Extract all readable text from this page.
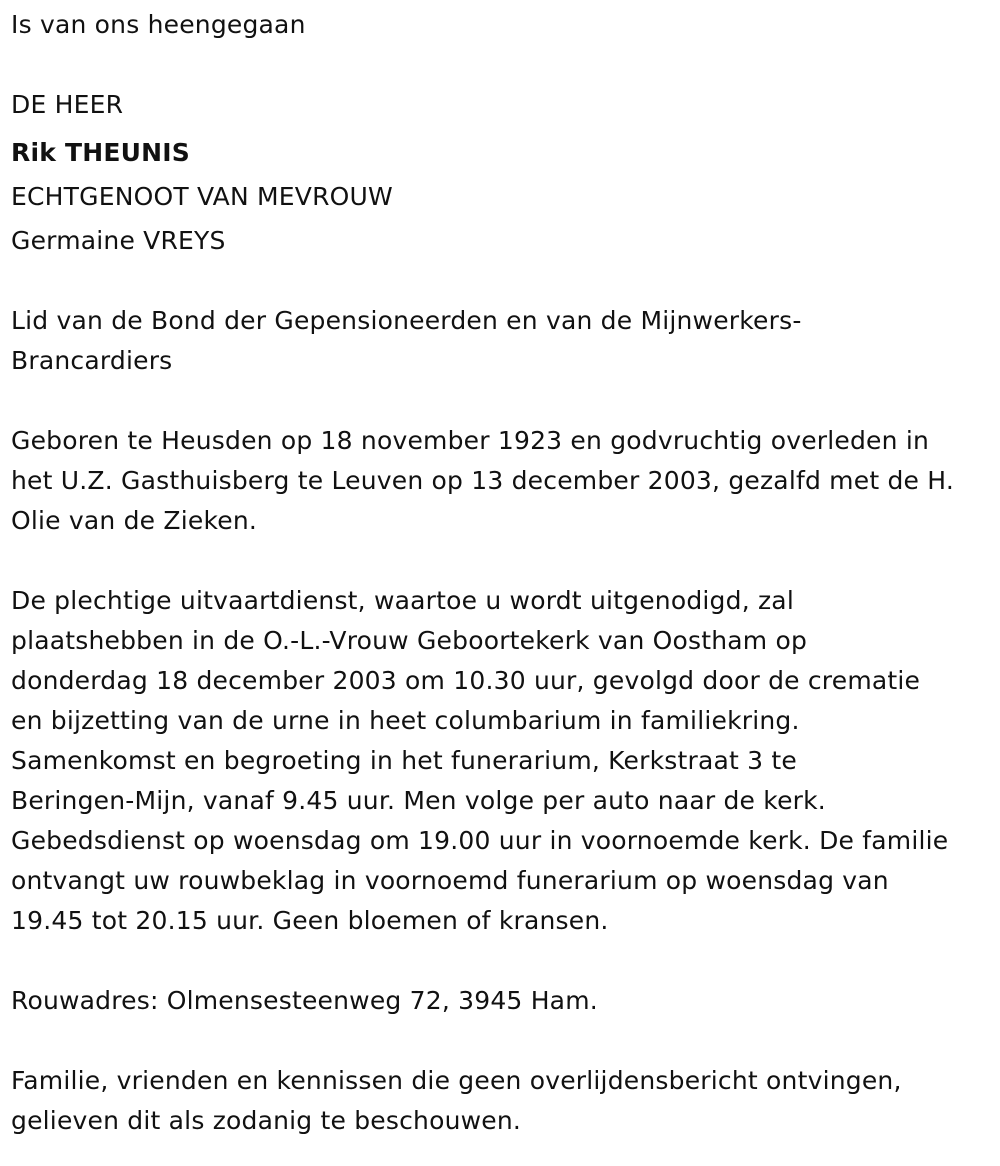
Is van ons heengegaan
DE HEER
Rik THEUNIS
ECHTGENOOT VAN MEVROUW
Germaine VREYS
Lid van de Bond der Gepensioneerden en van de Mijnwerkers-
Brancardiers
Geboren te Heusden op 18 november 1923 en godvruchtig overleden in
het U.Z. Gasthuisberg te Leuven op 13 december 2003, gezalfd met de H.
Olie van de Zieken.
De plechtige uitvaartdienst, waartoe u wordt uitgenodigd, zal
plaatshebben in de O.-L.-Vrouw Geboortekerk van Oostham op
donderdag 18 december 2003 om 10.30 uur, gevolgd door de crematie
en bijzetting van de urne in heet columbarium in familiekring.
Samenkomst en begroeting in het funerarium, Kerkstraat 3 te
Beringen-Mijn, vanaf 9.45 uur. Men volge per auto naar de kerk.
Gebedsdienst op woensdag om 19.00 uur in voornoemde kerk. De familie
ontvangt uw rouwbeklag in voornoemd funerarium op woensdag van
19.45 tot 20.15 uur. Geen bloemen of kransen.
Rouwadres: Olmensesteenweg 72, 3945 Ham.
Familie, vrienden en kennissen die geen overlijdensbericht ontvingen,
gelieven dit als zodanig te beschouwen.
